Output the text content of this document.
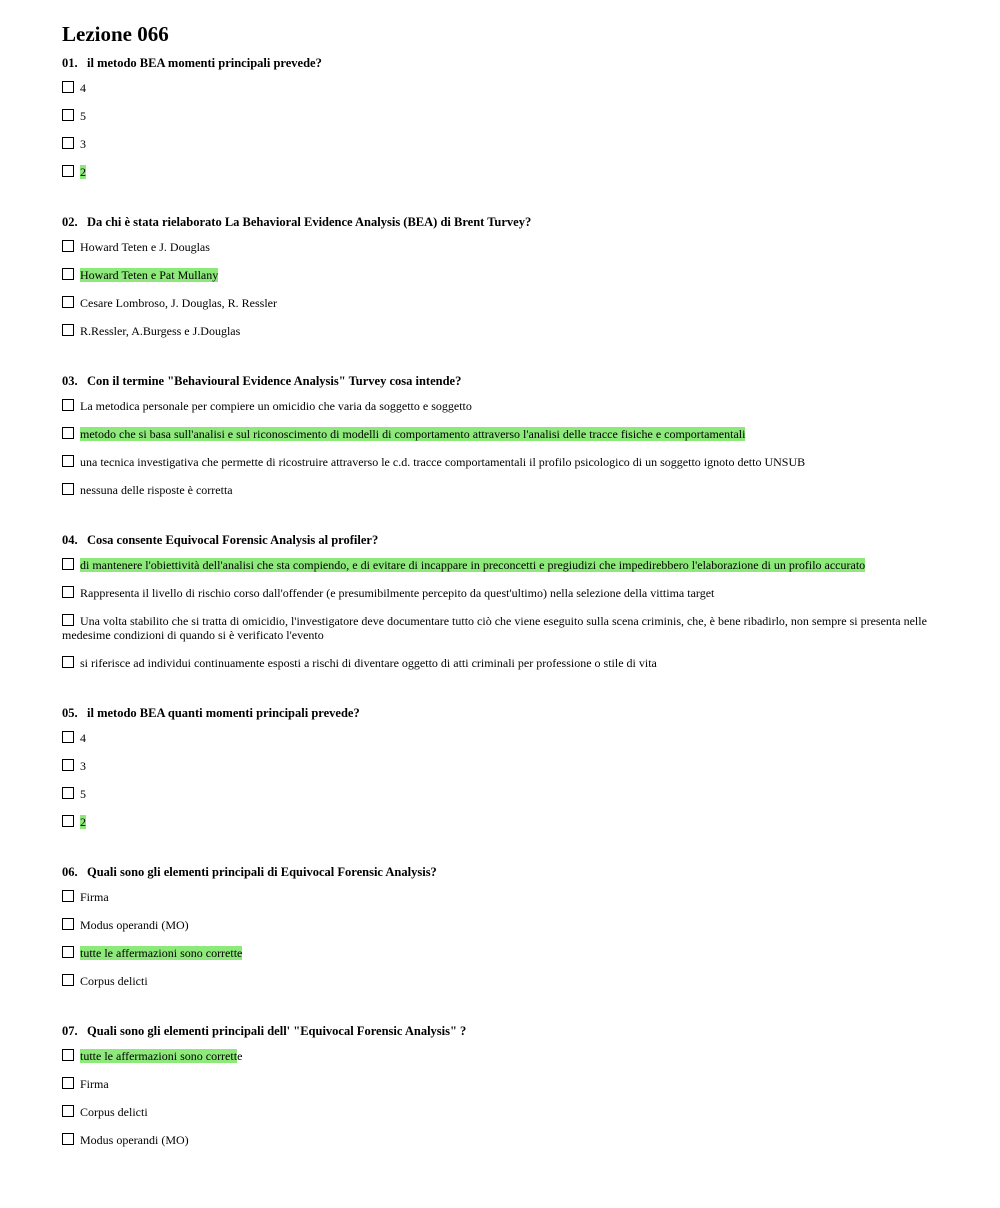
Lezione 066
01. il metodo BEA momenti principali prevede?
4
5
3
2
02. Da chi è stata rielaborato La Behavioral Evidence Analysis (BEA) di Brent Turvey?
Howard Teten e J. Douglas
Howard Teten e Pat Mullany
Cesare Lombroso, J. Douglas, R. Ressler
R.Ressler, A.Burgess e J.Douglas
03. Con il termine "Behavioural Evidence Analysis" Turvey cosa intende?
La metodica personale per compiere un omicidio che varia da soggetto e soggetto
metodo che si basa sull'analisi e sul riconoscimento di modelli di comportamento attraverso l'analisi delle tracce fisiche e comportamentali
una tecnica investigativa che permette di ricostruire attraverso le c.d. tracce comportamentali il profilo psicologico di un soggetto ignoto detto UNSUB
nessuna delle risposte è corretta
04. Cosa consente Equivocal Forensic Analysis al profiler?
di mantenere l'obiettività dell'analisi che sta compiendo, e di evitare di incappare in preconcetti e pregiudizi che impedirebbero l'elaborazione di un profilo accurato
Rappresenta il livello di rischio corso dall'offender (e presumibilmente percepito da quest'ultimo) nella selezione della vittima target
Una volta stabilito che si tratta di omicidio, l'investigatore deve documentare tutto ciò che viene eseguito sulla scena criminis, che, è bene ribadirlo, non sempre si presenta nelle medesime condizioni di quando si è verificato l'evento
si riferisce ad individui continuamente esposti a rischi di diventare oggetto di atti criminali per professione o stile di vita
05. il metodo BEA quanti momenti principali prevede?
4
3
5
2
06. Quali sono gli elementi principali di Equivocal Forensic Analysis?
Firma
Modus operandi (MO)
tutte le affermazioni sono corrette
Corpus delicti
07. Quali sono gli elementi principali dell' "Equivocal Forensic Analysis" ?
tutte le affermazioni sono corrette
Firma
Corpus delicti
Modus operandi (MO)
